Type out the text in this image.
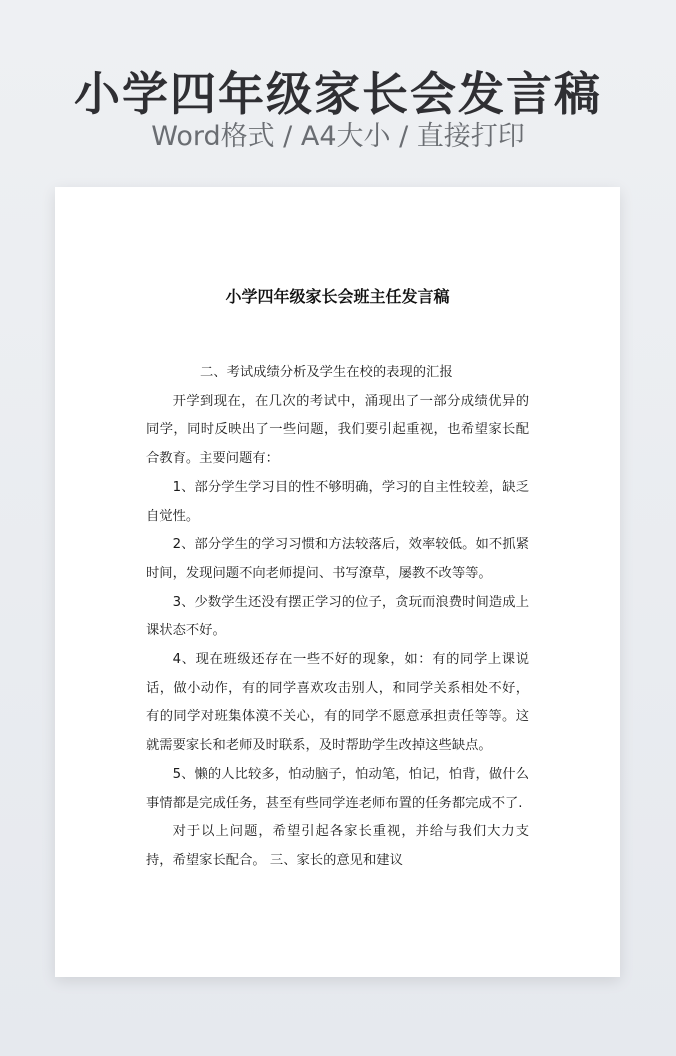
小学四年级家长会发言稿
Word格式 / A4大小 / 直接打印
小学四年级家长会班主任发言稿

二、考试成绩分析及学生在校的表现的汇报

开学到现在，在几次的考试中，涌现出了一部分成绩优异的同学，同时反映出了一些问题，我们要引起重视，也希望家长配合教育。主要问题有：

1、部分学生学习目的性不够明确，学习的自主性较差，缺乏自觉性。

2、部分学生的学习习惯和方法较落后，效率较低。如不抓紧时间，发现问题不向老师提问、书写潦草，屡教不改等等。

3、少数学生还没有摆正学习的位子，贪玩而浪费时间造成上课状态不好。

4、现在班级还存在一些不好的现象，如：有的同学上课说话，做小动作，有的同学喜欢攻击别人，和同学关系相处不好，有的同学对班集体漠不关心，有的同学不愿意承担责任等等。这就需要家长和老师及时联系，及时帮助学生改掉这些缺点。

5、懒的人比较多，怕动脑子，怕动笔，怕记，怕背，做什么事情都是完成任务，甚至有些同学连老师布置的任务都完成不了.

对于以上问题，希望引起各家长重视，并给与我们大力支持，希望家长配合。 三、家长的意见和建议
